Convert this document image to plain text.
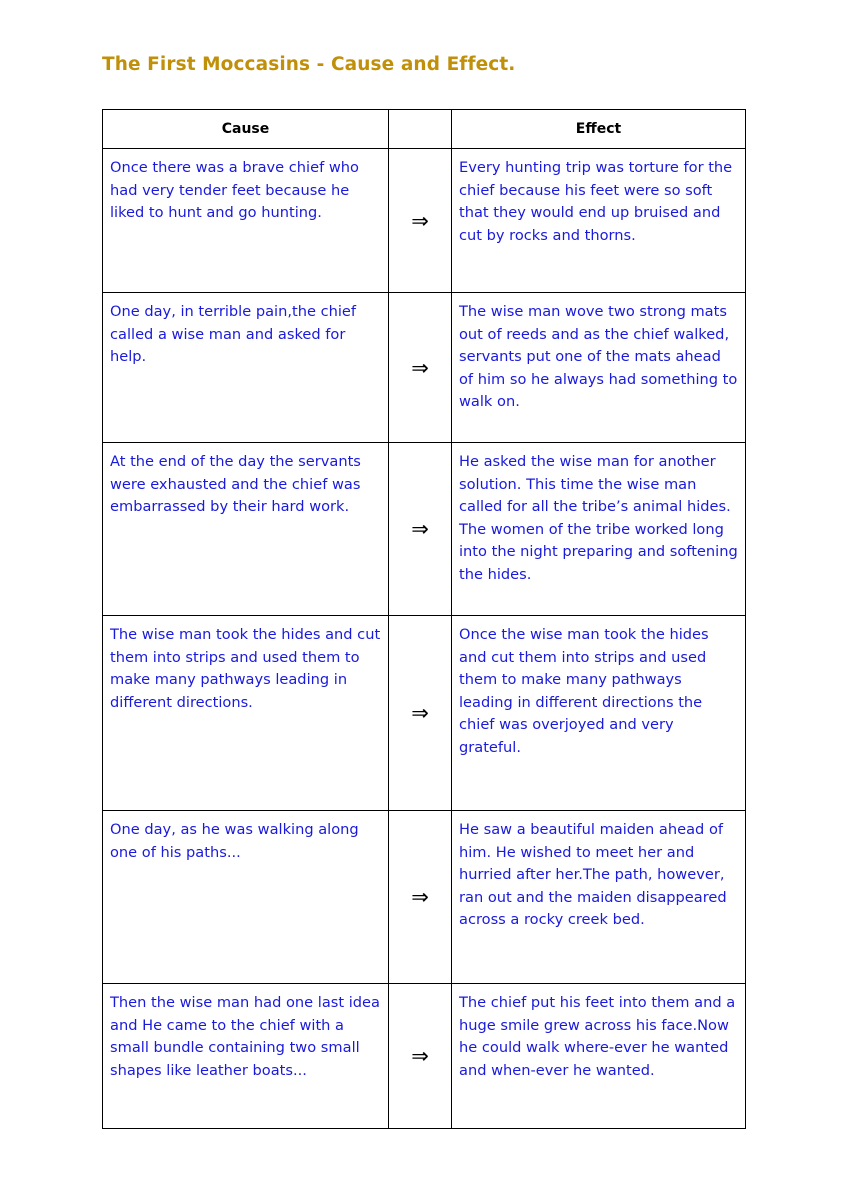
The First Moccasins - Cause and Effect.
Cause		Effect
Once there was a brave chief who had very tender feet because he liked to hunt and go hunting.	⇒	Every hunting trip was torture for the chief because his feet were so soft that they would end up bruised and cut by rocks and thorns.
One day, in terrible pain,the chief called a wise man and asked for help.	⇒	The wise man wove two strong mats out of reeds and as the chief walked, servants put one of the mats ahead of him so he always had something to walk on.
At the end of the day the servants were exhausted and the chief was embarrassed by their hard work.	⇒	He asked the wise man for another solution. This time the wise man called for all the tribe’s animal hides. The women of the tribe worked long into the night preparing and softening the hides.
The wise man took the hides and cut them into strips and used them to make many pathways leading in different directions.	⇒	Once the wise man took the hides and cut them into strips and used them to make many pathways leading in different directions the chief was overjoyed and very grateful.
One day, as he was walking along one of his paths...	⇒	He saw a beautiful maiden ahead of him. He wished to meet her and hurried after her.The path, however, ran out and the maiden disappeared across a rocky creek bed.
Then the wise man had one last idea and He came to the chief with a small bundle containing two small shapes like leather boats...	⇒	The chief put his feet into them and a huge smile grew across his face.Now he could walk where-ever he wanted and when-ever he wanted.
